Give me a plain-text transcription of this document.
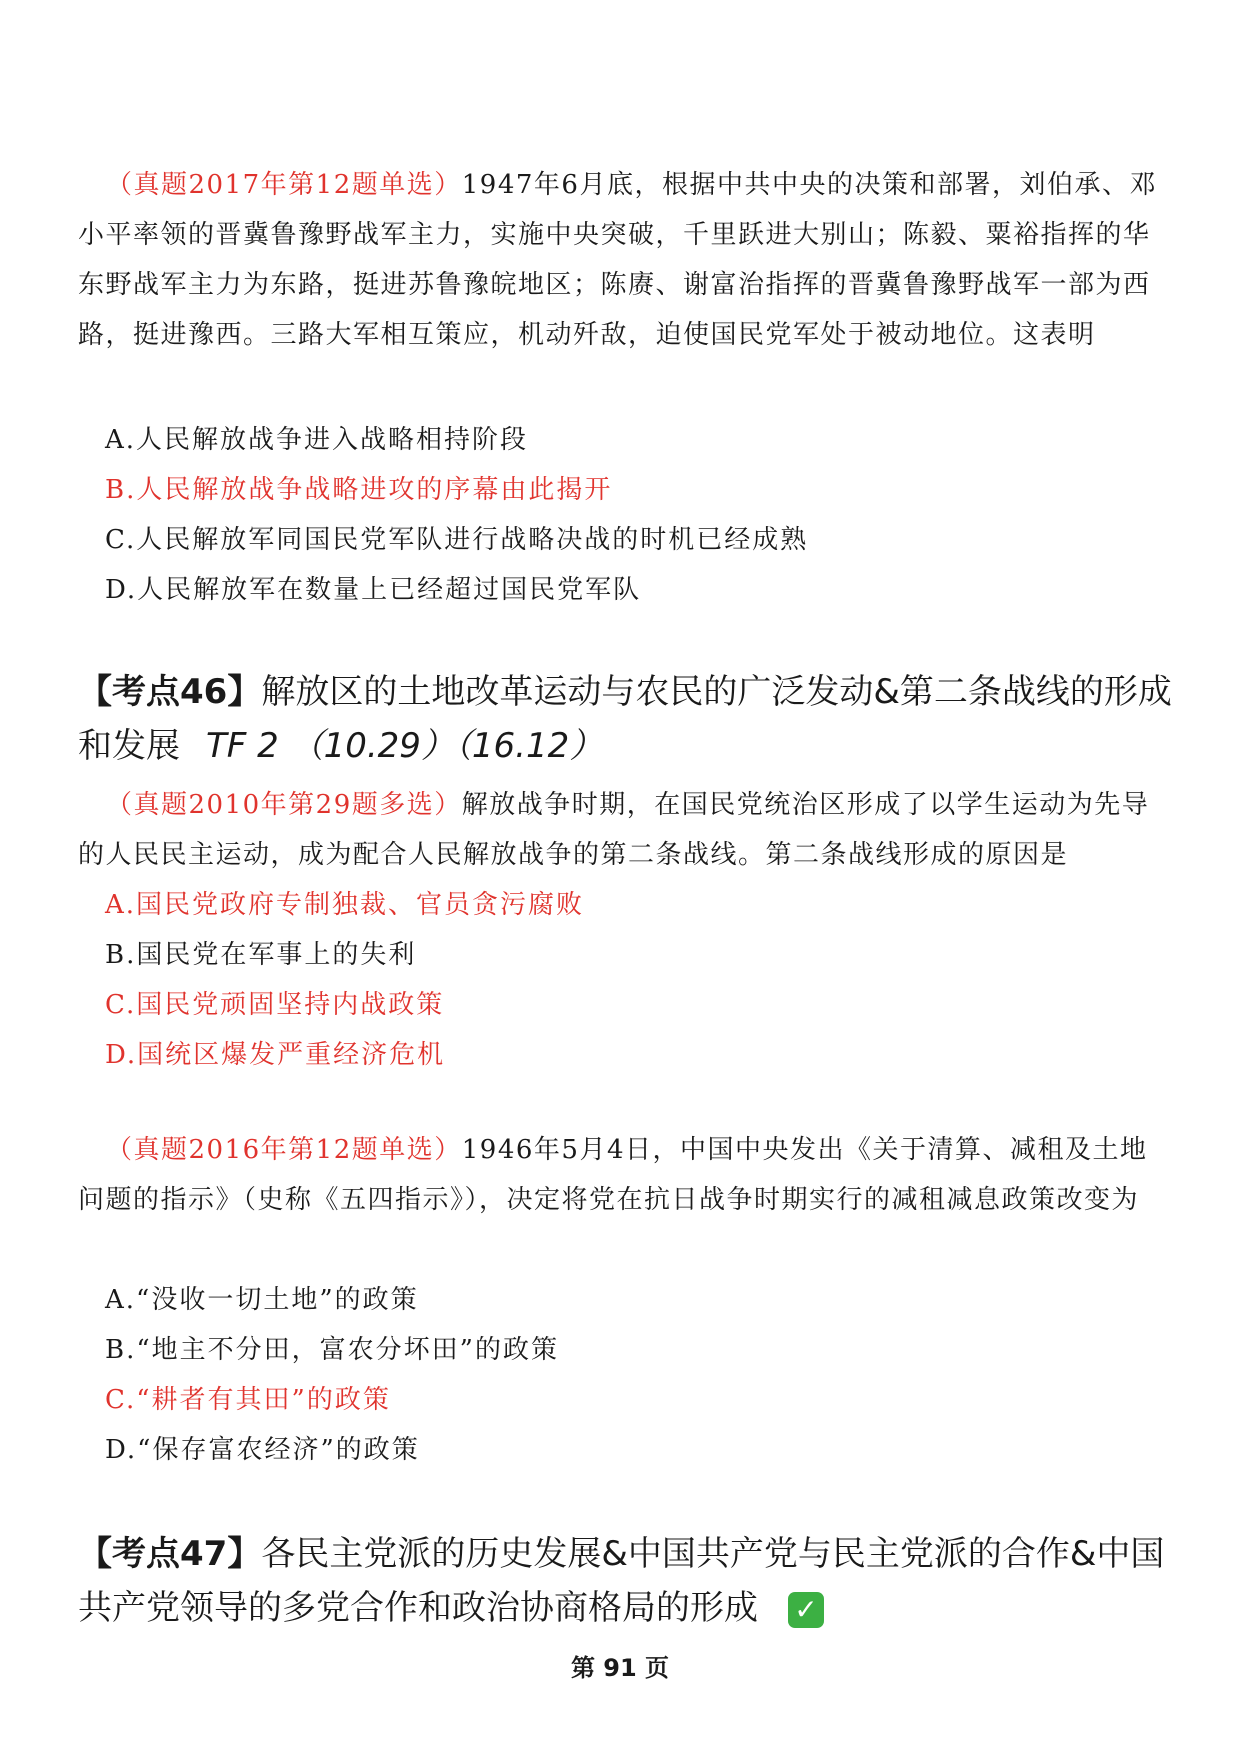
（真题2017年第12题单选）1947年6月底，根据中共中央的决策和部署，刘伯承、邓小平率领的晋冀鲁豫野战军主力，实施中央突破，千里跃进大别山；陈毅、粟裕指挥的华东野战军主力为东路，挺进苏鲁豫皖地区；陈赓、谢富治指挥的晋冀鲁豫野战军一部为西路，挺进豫西。三路大军相互策应，机动歼敌，迫使国民党军处于被动地位。这表明

A.人民解放战争进入战略相持阶段

B.人民解放战争战略进攻的序幕由此揭开

C.人民解放军同国民党军队进行战略决战的时机已经成熟

D.人民解放军在数量上已经超过国民党军队

【考点46】解放区的土地改革运动与农民的广泛发动&第二条战线的形成和发展 TF 2 （10.29）（16.12）

（真题2010年第29题多选）解放战争时期，在国民党统治区形成了以学生运动为先导的人民民主运动，成为配合人民解放战争的第二条战线。第二条战线形成的原因是

A.国民党政府专制独裁、官员贪污腐败

B.国民党在军事上的失利

C.国民党顽固坚持内战政策

D.国统区爆发严重经济危机

（真题2016年第12题单选）1946年5月4日，中国中央发出《关于清算、减租及土地问题的指示》（史称《五四指示》），决定将党在抗日战争时期实行的减租减息政策改变为

A.“没收一切土地”的政策

B.“地主不分田，富农分坏田”的政策

C.“耕者有其田”的政策

D.“保存富农经济”的政策

【考点47】各民主党派的历史发展&中国共产党与民主党派的合作&中国共产党领导的多党合作和政治协商格局的形成 ✓

第 91 页
